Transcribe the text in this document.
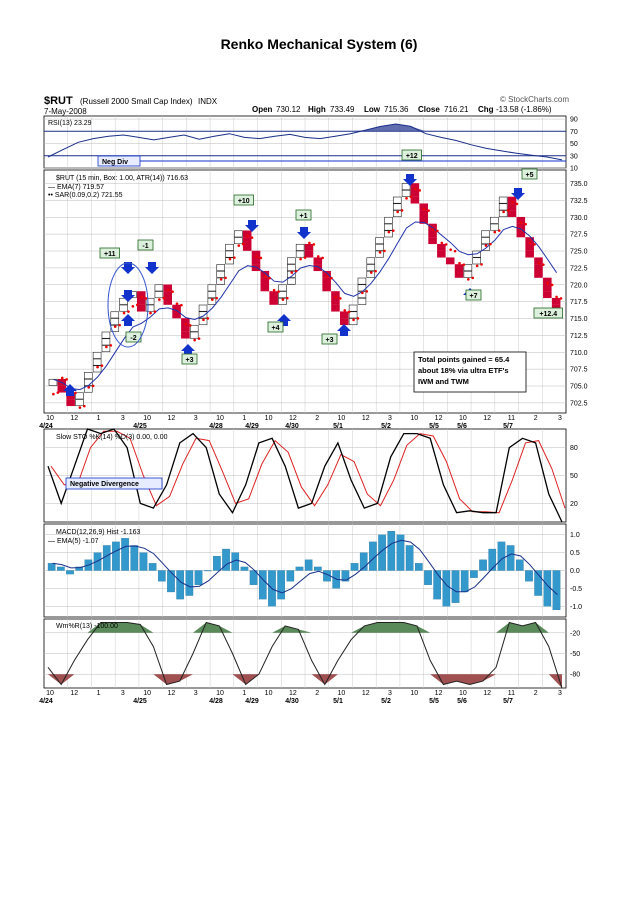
Renko Mechanical System (6)
$RUT (Russell 2000 Small Cap Index) INDX
7-May-2008	Open 730.12 High 733.49 Low 715.36 Close 716.21 Chg -13.58 (-1.86%)
© StockCharts.com
90
70
50
30
10
735.0
732.5
730.0
727.5
725.0
722.5
720.0
717.5
715.0
712.5
710.0
707.5
705.0
702.5
80
50
20
1.0
0.5
0.0
-0.5
-1.0
-20
-50
-80
RSI(13) 23.29
Neg Div
$RUT (15 min, Box: 1.00, ATR(14)) 716.63
— EMA(7) 719.57
•• SAR(0.09,0.2) 721.55
+11
-1
-2
+3
+10
+4
+1
+3
+12
+7
+5
+12.4
Total points gained = 65.4
about 18% via ultra ETF's
IWM and TWM
10 12	1	3	10 12	3	10	1	10 12	2	10 12	3	10 12 10 12 11	2	3
4/24	4/25	4/28	4/29	4/30	5/1	5/2	5/5	5/6	5/7
Slow STO %K(14) %D(3) 0.00, 0.00
Negative Divergence
MACD(12,26,9) Hist -1.163
— EMA(5) -1.07
Wm%R(13) -100.00
10 12	1	3	10 12	3	10	1	10 12	2	10 12	3	10 12 10 12 11	2	3
4/24	4/25	4/28	4/29	4/30	5/1	5/2	5/5	5/6	5/7
